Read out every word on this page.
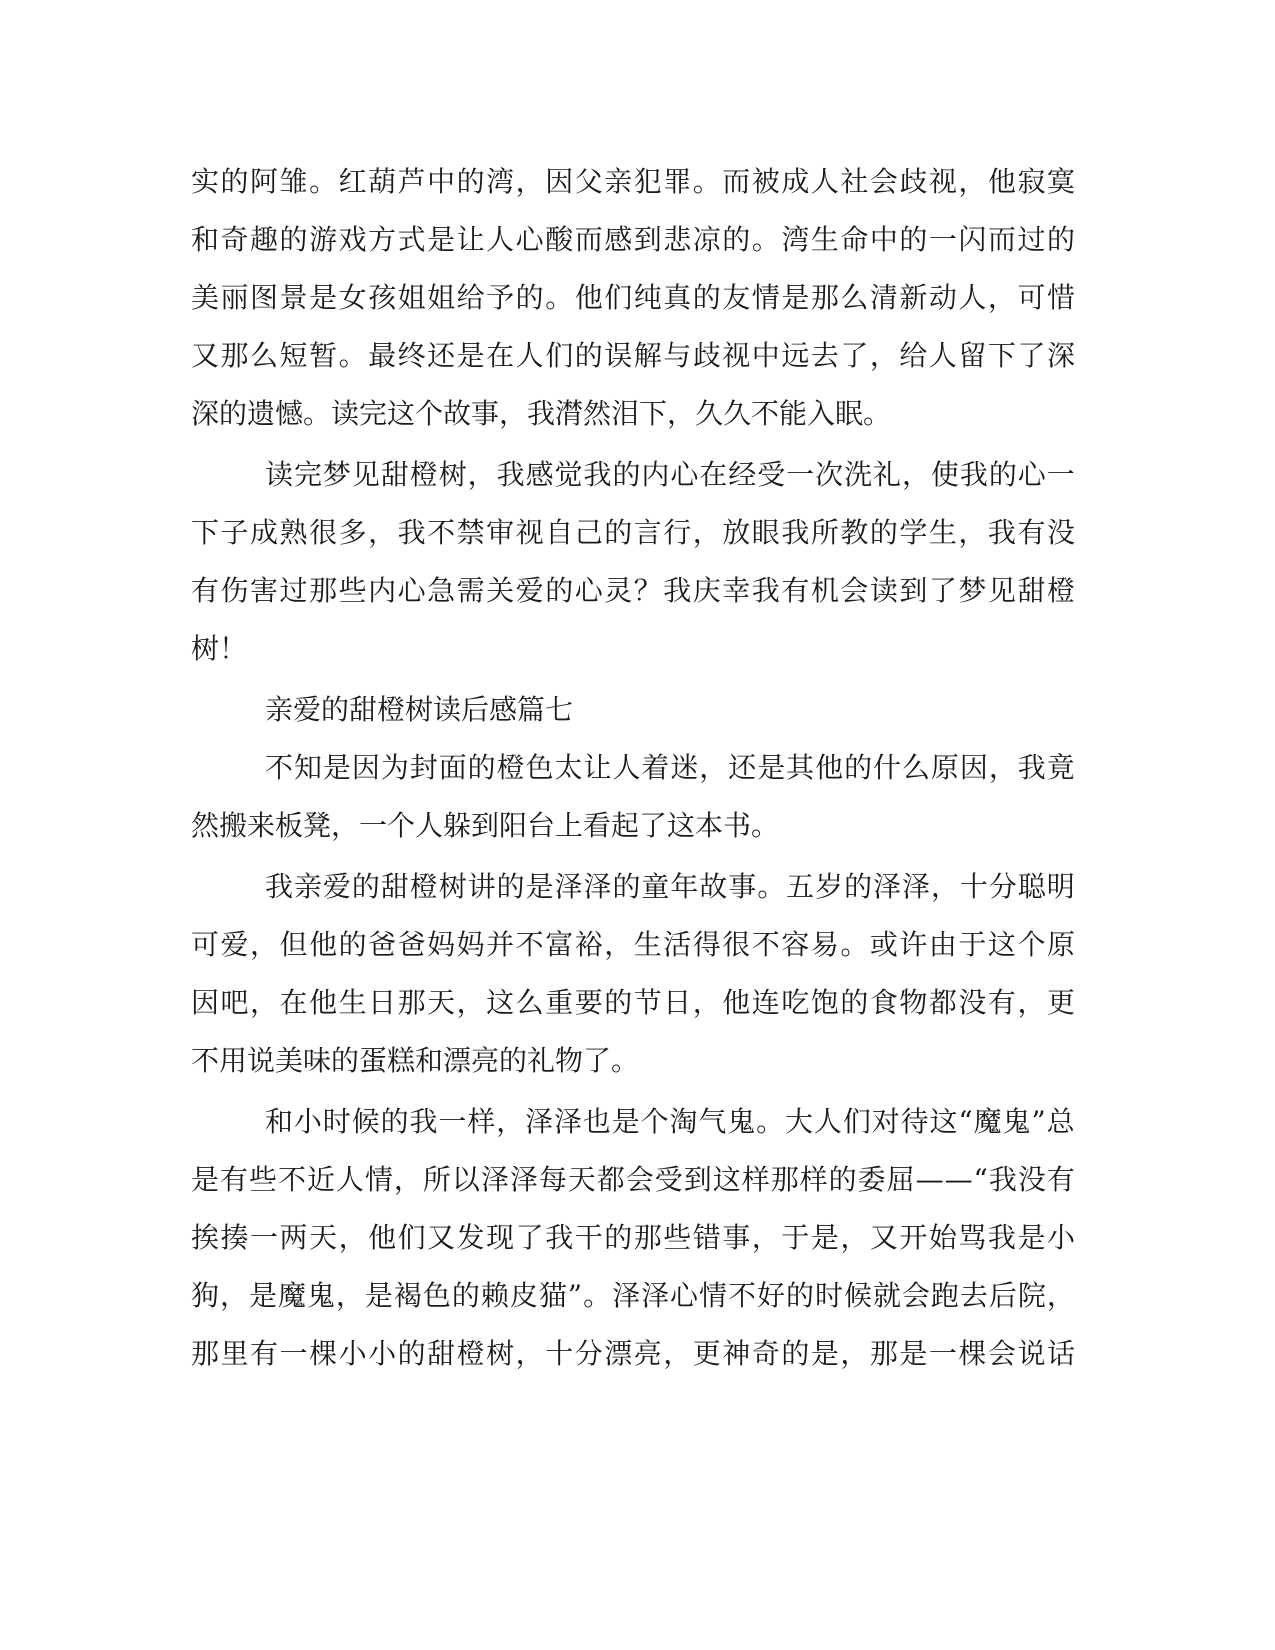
实 的 阿 雏 。 红 葫 芦 中 的 湾 ， 因 父 亲 犯 罪 。 而 被 成 人 社 会 歧 视 ， 他 寂 寞
和 奇 趣 的 游 戏 方 式 是 让 人 心 酸 而 感 到 悲 凉 的 。 湾 生 命 中 的 一 闪 而 过 的
美 丽 图 景 是 女 孩 姐 姐 给 予 的 。 他 们 纯 真 的 友 情 是 那 么 清 新 动 人 ， 可 惜
又 那 么 短 暂 。 最 终 还 是 在 人 们 的 误 解 与 歧 视 中 远 去 了 ， 给 人 留 下 了 深
深的遗憾。读完这个故事，我潸然泪下，久久不能入眠。
读 完 梦 见 甜 橙 树 ， 我 感 觉 我 的 内 心 在 经 受 一 次 洗 礼 ， 使 我 的 心 一
下 子 成 熟 很 多 ， 我 不 禁 审 视 自 己 的 言 行 ， 放 眼 我 所 教 的 学 生 ， 我 有 没
有 伤 害 过 那 些 内 心 急 需 关 爱 的 心 灵 ？ 我 庆 幸 我 有 机 会 读 到 了 梦 见 甜 橙
树！
亲爱的甜橙树读后感篇七
不 知 是 因 为 封 面 的 橙 色 太 让 人 着 迷 ， 还 是 其 他 的 什 么 原 因 ， 我 竟
然搬来板凳，一个人躲到阳台上看起了这本书。
我 亲 爱 的 甜 橙 树 讲 的 是 泽 泽 的 童 年 故 事 。 五 岁 的 泽 泽 ， 十 分 聪 明
可 爱 ， 但 他 的 爸 爸 妈 妈 并 不 富 裕 ， 生 活 得 很 不 容 易 。 或 许 由 于 这 个 原
因 吧 ， 在 他 生 日 那 天 ， 这 么 重 要 的 节 日 ， 他 连 吃 饱 的 食 物 都 没 有 ， 更
不用说美味的蛋糕和漂亮的礼物了。
和 小 时 候 的 我 一 样 ， 泽 泽 也 是 个 淘 气 鬼 。 大 人 们 对 待 这 “ 魔 鬼 ” 总
是 有 些 不 近 人 情 ， 所 以 泽 泽 每 天 都 会 受 到 这 样 那 样 的 委 屈 — — “ 我 没 有
挨 揍 一 两 天 ， 他 们 又 发 现 了 我 干 的 那 些 错 事 ， 于 是 ， 又 开 始 骂 我 是 小
狗 ， 是 魔 鬼 ， 是 褐 色 的 赖 皮 猫 ” 。 泽 泽 心 情 不 好 的 时 候 就 会 跑 去 后 院 ，
那 里 有 一 棵 小 小 的 甜 橙 树 ， 十 分 漂 亮 ， 更 神 奇 的 是 ， 那 是 一 棵 会 说 话
